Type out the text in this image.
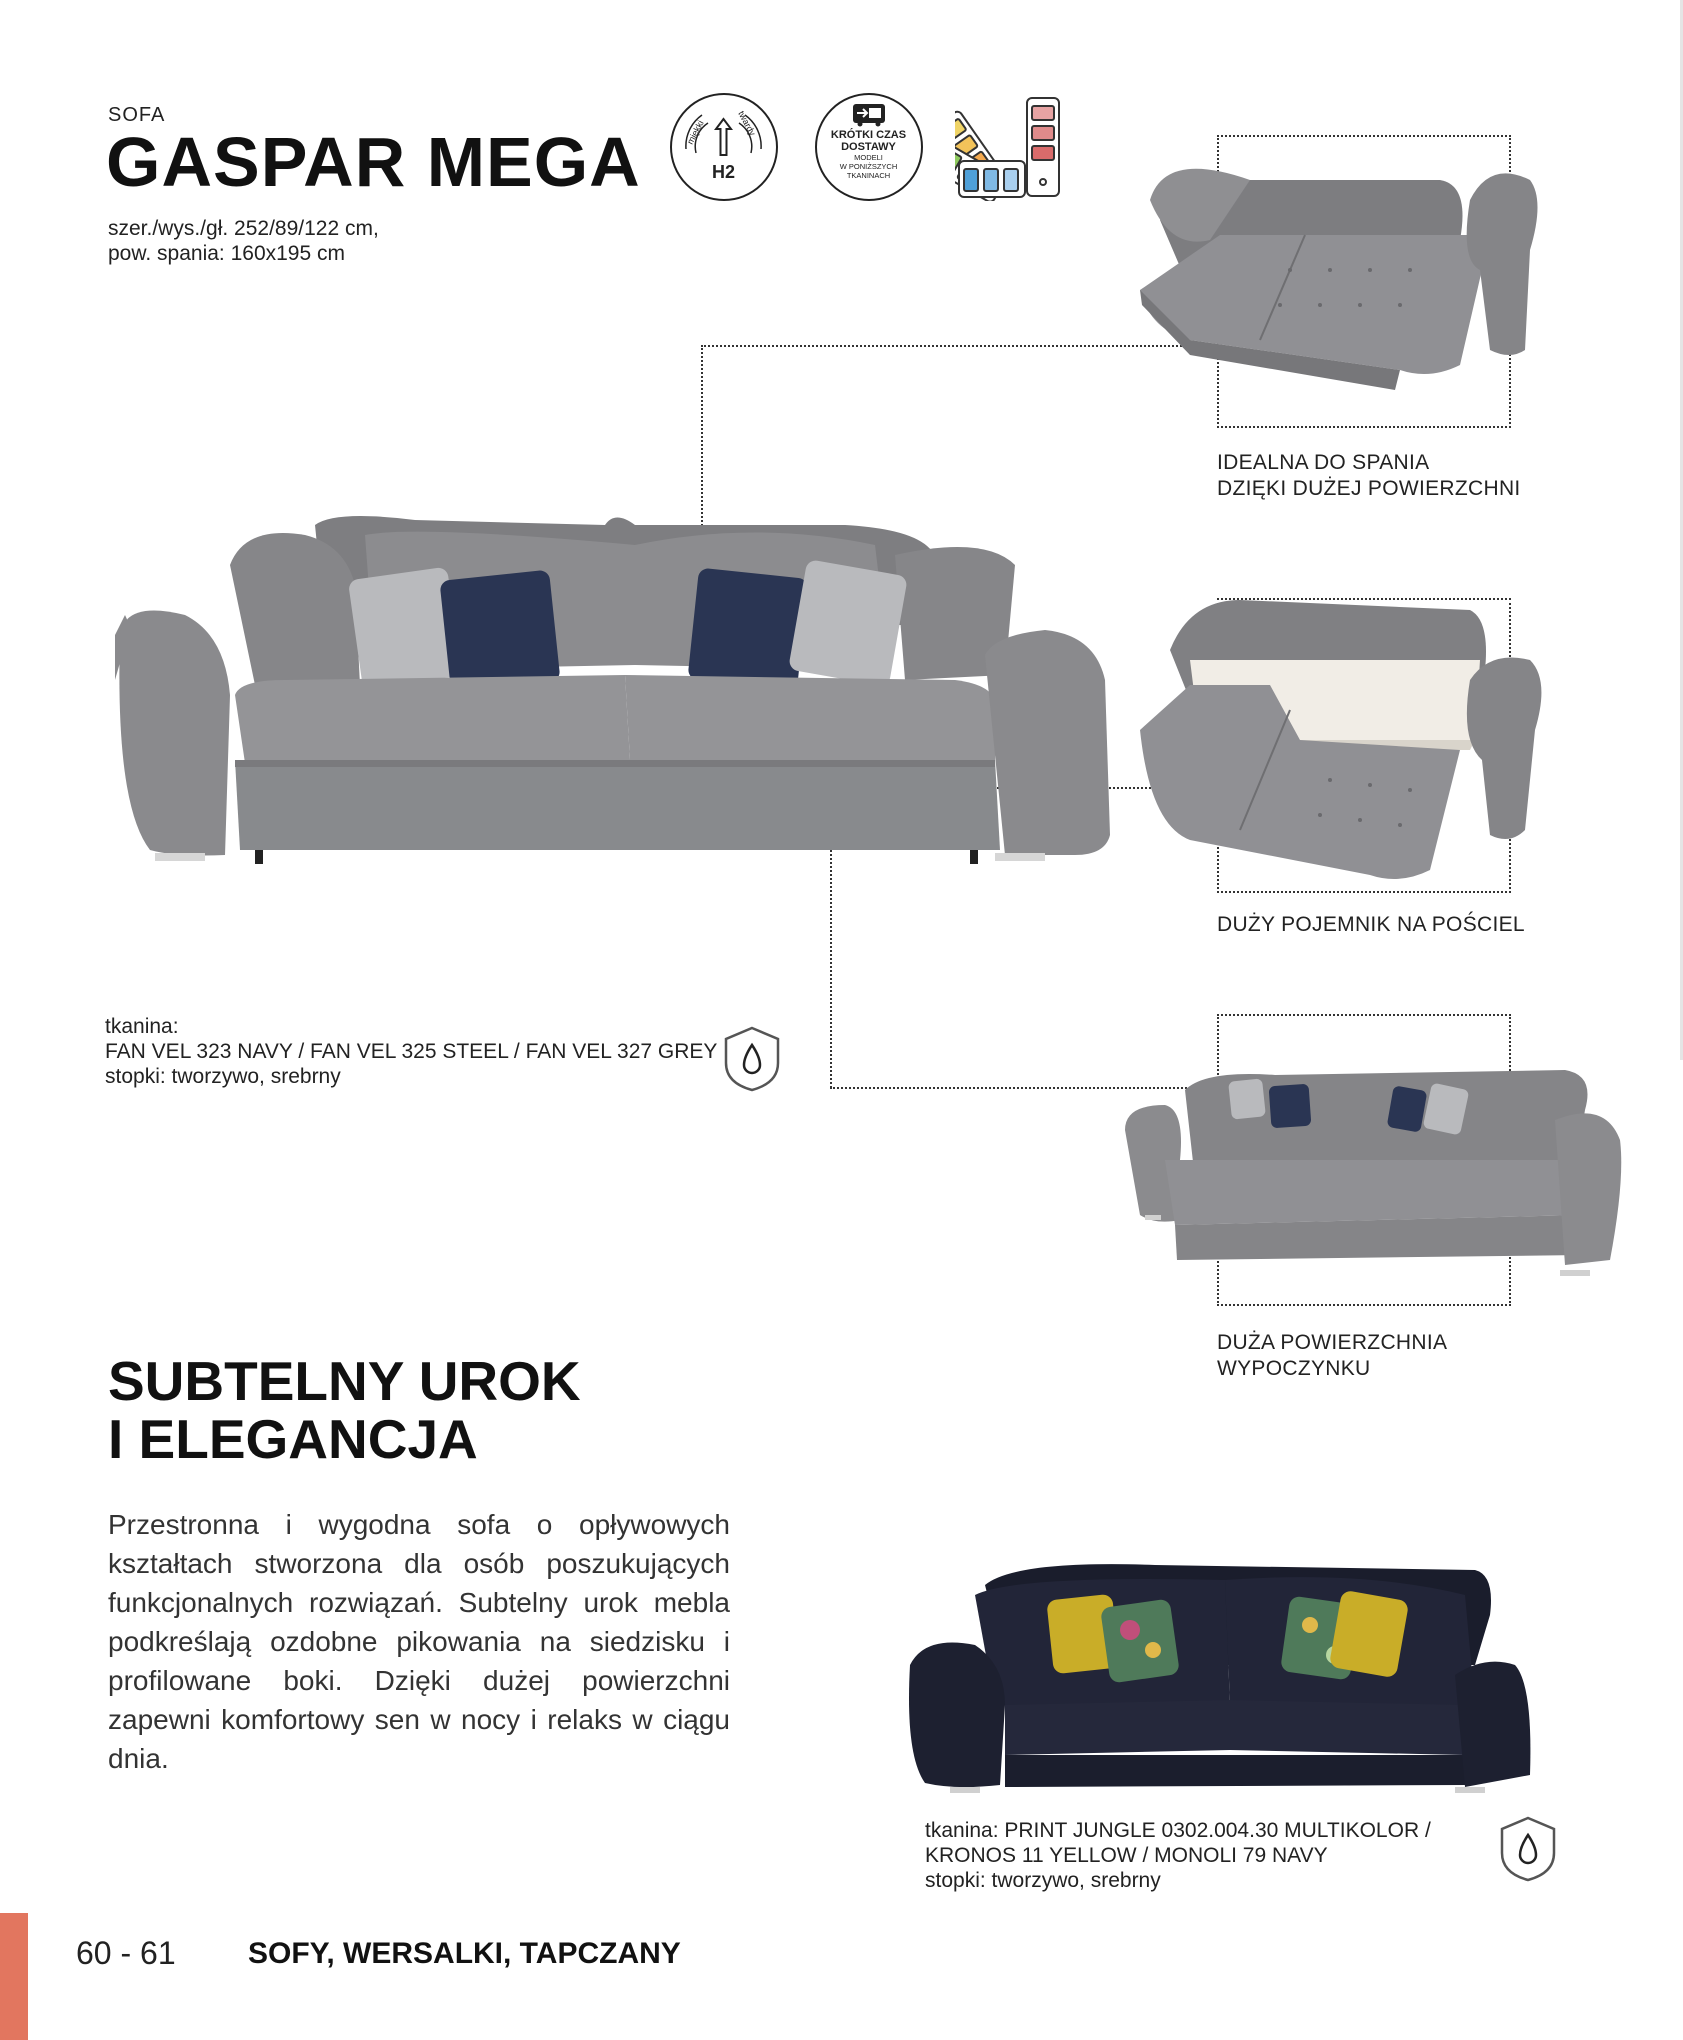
SOFA
GASPAR MEGA
szer./wys./gł. 252/89/122 cm,
pow. spania: 160x195 cm
miękki	twardy
H2
KRÓTKI CZAS
DOSTAWY
MODELI
W PONIŻSZYCH
TKANINACH
IDEALNA DO SPANIA
DZIĘKI DUŻEJ POWIERZCHNI
DUŻY POJEMNIK NA POŚCIEL
DUŻA POWIERZCHNIA
WYPOCZYNKU
tkanina:
FAN VEL 323 NAVY / FAN VEL 325 STEEL / FAN VEL 327 GREY
stopki: tworzywo, srebrny
SUBTELNY UROK
I ELEGANCJA

Przestronna i wygodna sofa o opływowych kształtach stworzona dla osób poszukujących funkcjonalnych rozwiązań. Subtelny urok mebla podkreślają ozdobne pikowania na siedzisku i profilowane boki. Dzięki dużej powierzchni zapewni komfortowy sen w nocy i relaks w ciągu dnia.

tkanina: PRINT JUNGLE 0302.004.30 MULTIKOLOR /
KRONOS 11 YELLOW / MONOLI 79 NAVY
stopki: tworzywo, srebrny
60 - 61 SOFY, WERSALKI, TAPCZANY
